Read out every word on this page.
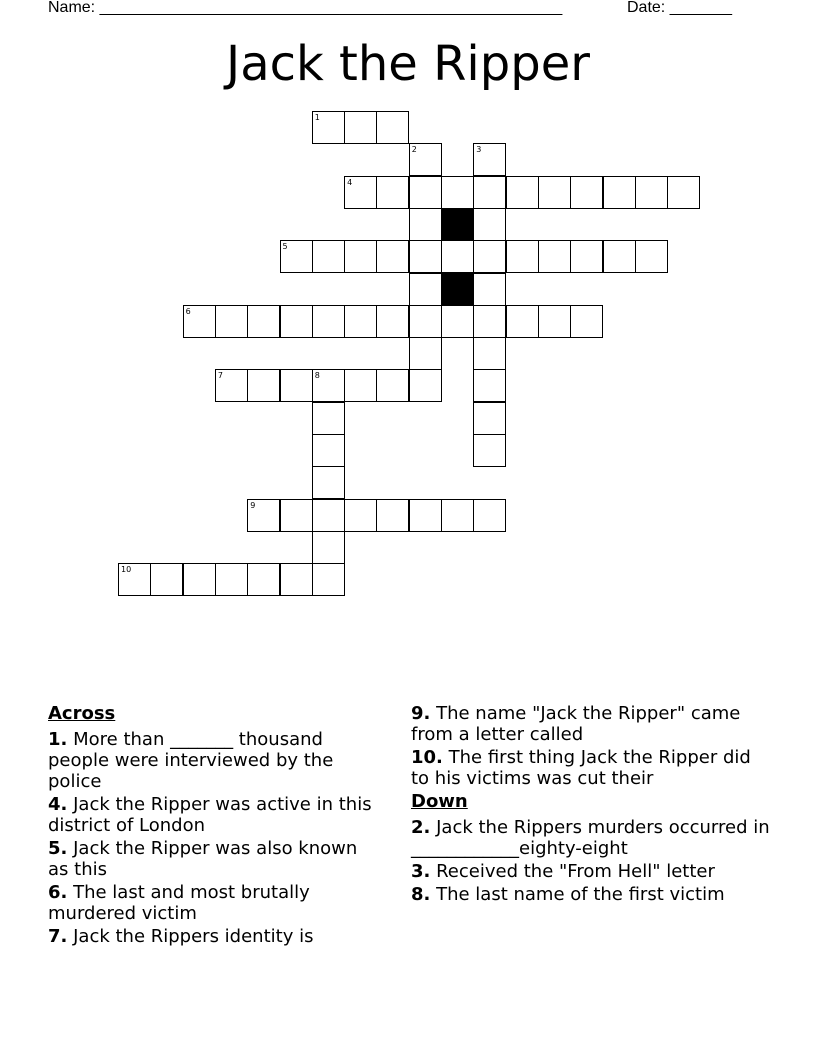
Name: ____________________________________________________	Date: _______
Jack the Ripper
1
2	3
4
5
6
7	8
9
10
Across
1. More than _______ thousand people were interviewed by the police
4. Jack the Ripper was active in this district of London
5. Jack the Ripper was also known as this
6. The last and most brutally murdered victim
7. Jack the Rippers identity is
9. The name "Jack the Ripper" came from a letter called
10. The first thing Jack the Ripper did to his victims was cut their
Down
2. Jack the Rippers murders occurred in ____________eighty-eight
3. Received the "From Hell" letter
8. The last name of the first victim
